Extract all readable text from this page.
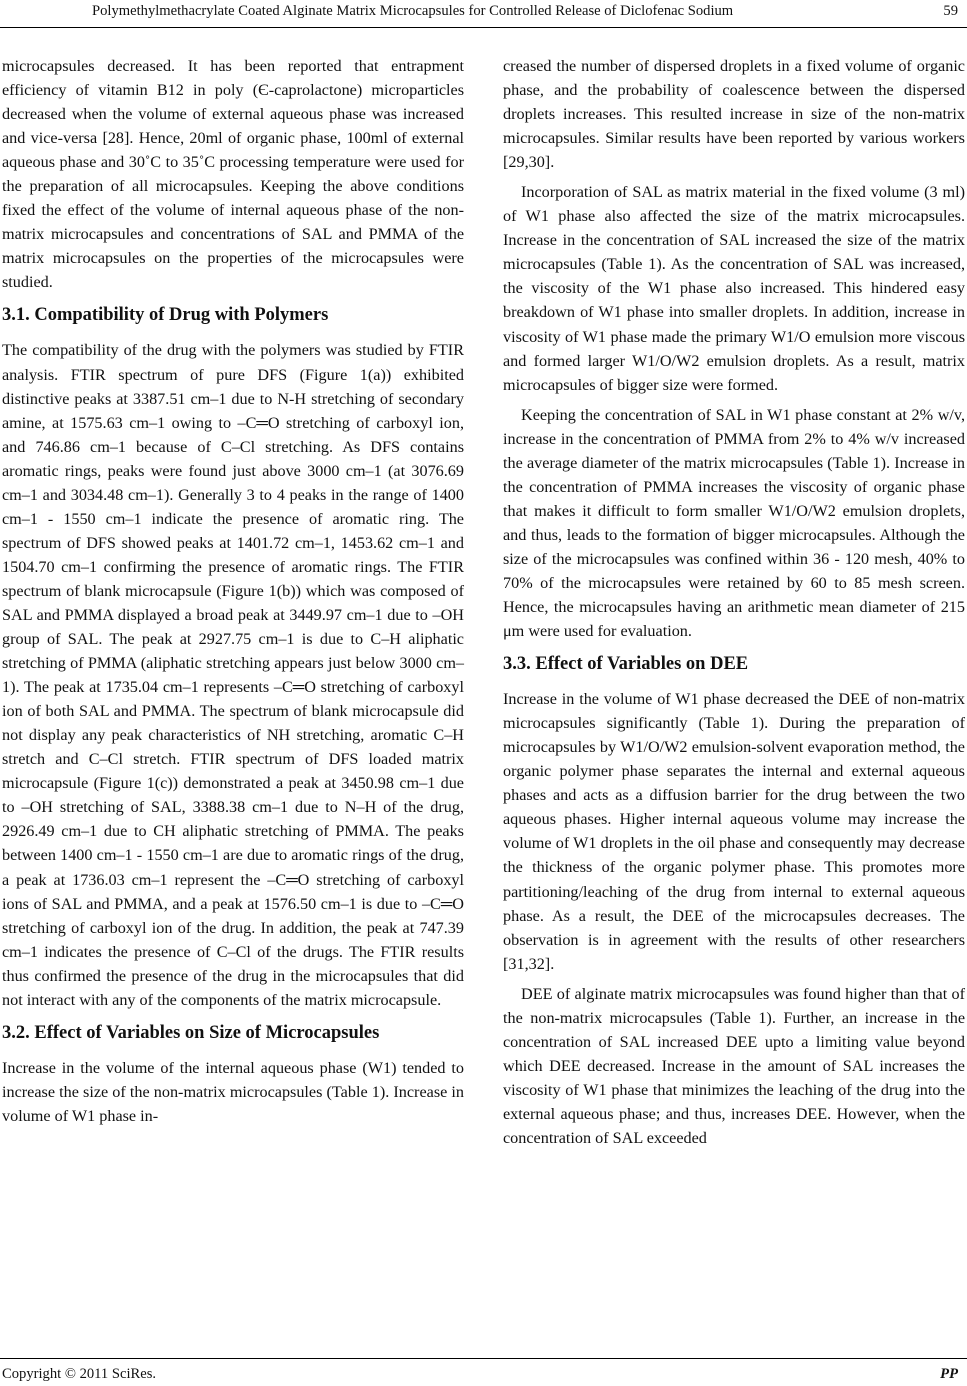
Polymethylmethacrylate Coated Alginate Matrix Microcapsules for Controlled Release of Diclofenac Sodium	59

microcapsules decreased. It has been reported that entrapment efficiency of vitamin B12 in poly (Є-caprolactone) microparticles decreased when the volume of external aqueous phase was increased and vice-versa [28]. Hence, 20ml of organic phase, 100ml of external aqueous phase and 30˚C to 35˚C processing temperature were used for the preparation of all microcapsules. Keeping the above conditions fixed the effect of the volume of internal aqueous phase of the non-matrix microcapsules and concentrations of SAL and PMMA of the matrix microcapsules on the properties of the microcapsules were studied.

3.1. Compatibility of Drug with Polymers

The compatibility of the drug with the polymers was studied by FTIR analysis. FTIR spectrum of pure DFS (Figure 1(a)) exhibited distinctive peaks at 3387.51 cm–1 due to N-H stretching of secondary amine, at 1575.63 cm–1 owing to –C═O stretching of carboxyl ion, and 746.86 cm–1 because of C–Cl stretching. As DFS contains aromatic rings, peaks were found just above 3000 cm–1 (at 3076.69 cm–1 and 3034.48 cm–1). Generally 3 to 4 peaks in the range of 1400 cm–1 - 1550 cm–1 indicate the presence of aromatic ring. The spectrum of DFS showed peaks at 1401.72 cm–1, 1453.62 cm–1 and 1504.70 cm–1 confirming the presence of aromatic rings. The FTIR spectrum of blank microcapsule (Figure 1(b)) which was composed of SAL and PMMA displayed a broad peak at 3449.97 cm–1 due to –OH group of SAL. The peak at 2927.75 cm–1 is due to C–H aliphatic stretching of PMMA (aliphatic stretching appears just below 3000 cm–1). The peak at 1735.04 cm–1 represents –C═O stretching of carboxyl ion of both SAL and PMMA. The spectrum of blank microcapsule did not display any peak characteristics of NH stretching, aromatic C–H stretch and C–Cl stretch. FTIR spectrum of DFS loaded matrix microcapsule (Figure 1(c)) demonstrated a peak at 3450.98 cm–1 due to –OH stretching of SAL, 3388.38 cm–1 due to N–H of the drug, 2926.49 cm–1 due to CH aliphatic stretching of PMMA. The peaks between 1400 cm–1 - 1550 cm–1 are due to aromatic rings of the drug, a peak at 1736.03 cm–1 represent the –C═O stretching of carboxyl ions of SAL and PMMA, and a peak at 1576.50 cm–1 is due to –C═O stretching of carboxyl ion of the drug. In addition, the peak at 747.39 cm–1 indicates the presence of C–Cl of the drugs. The FTIR results thus confirmed the presence of the drug in the microcapsules that did not interact with any of the components of the matrix microcapsule.

3.2. Effect of Variables on Size of Microcapsules

Increase in the volume of the internal aqueous phase (W1) tended to increase the size of the non-matrix microcapsules (Table 1). Increase in volume of W1 phase in-

creased the number of dispersed droplets in a fixed volume of organic phase, and the probability of coalescence between the dispersed droplets increases. This resulted increase in size of the non-matrix microcapsules. Similar results have been reported by various workers [29,30].

Incorporation of SAL as matrix material in the fixed volume (3 ml) of W1 phase also affected the size of the matrix microcapsules. Increase in the concentration of SAL increased the size of the matrix microcapsules (Table 1). As the concentration of SAL was increased, the viscosity of the W1 phase also increased. This hindered easy breakdown of W1 phase into smaller droplets. In addition, increase in viscosity of W1 phase made the primary W1/O emulsion more viscous and formed larger W1/O/W2 emulsion droplets. As a result, matrix microcapsules of bigger size were formed.

Keeping the concentration of SAL in W1 phase constant at 2% w/v, increase in the concentration of PMMA from 2% to 4% w/v increased the average diameter of the matrix microcapsules (Table 1). Increase in the concentration of PMMA increases the viscosity of organic phase that makes it difficult to form smaller W1/O/W2 emulsion droplets, and thus, leads to the formation of bigger microcapsules. Although the size of the microcapsules was confined within 36 - 120 mesh, 40% to 70% of the microcapsules were retained by 60 to 85 mesh screen. Hence, the microcapsules having an arithmetic mean diameter of 215 μm were used for evaluation.

3.3. Effect of Variables on DEE

Increase in the volume of W1 phase decreased the DEE of non-matrix microcapsules significantly (Table 1). During the preparation of microcapsules by W1/O/W2 emulsion-solvent evaporation method, the organic polymer phase separates the internal and external aqueous phases and acts as a diffusion barrier for the drug between the two aqueous phases. Higher internal aqueous volume may increase the volume of W1 droplets in the oil phase and consequently may decrease the thickness of the organic polymer phase. This promotes more partitioning/leaching of the drug from internal to external aqueous phase. As a result, the DEE of the microcapsules decreases. The observation is in agreement with the results of other researchers [31,32].

DEE of alginate matrix microcapsules was found higher than that of the non-matrix microcapsules (Table 1). Further, an increase in the concentration of SAL increased DEE upto a limiting value beyond which DEE decreased. Increase in the amount of SAL increases the viscosity of W1 phase that minimizes the leaching of the drug into the external aqueous phase; and thus, increases DEE. However, when the concentration of SAL exceeded

Copyright © 2011 SciRes.	PP
